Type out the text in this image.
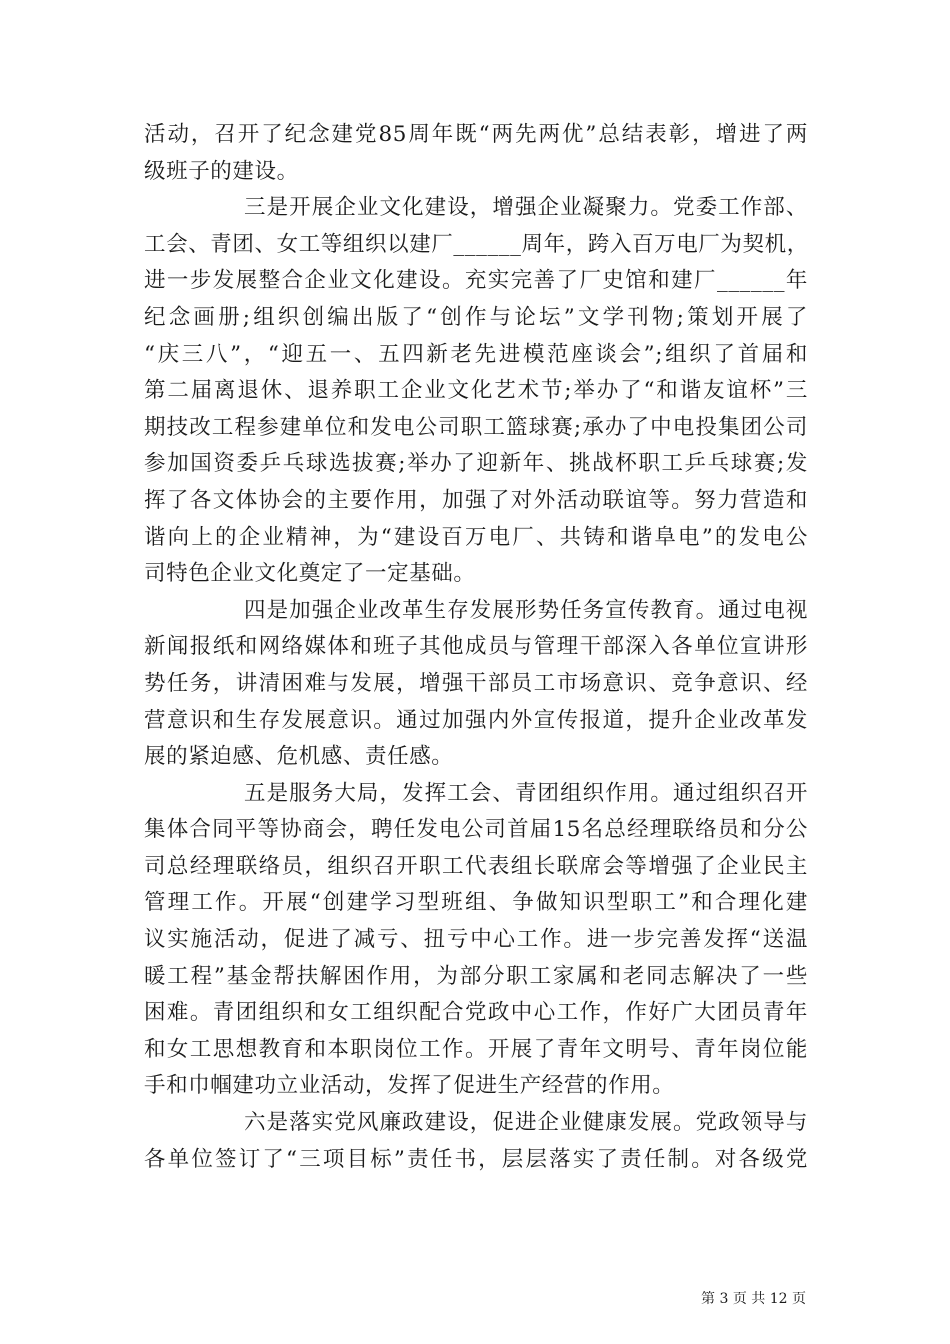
活动，召开了纪念建党85周年既“两先两优”总结表彰，增进了两
级班子的建设。
三是开展企业文化建设，增强企业凝聚力。党委工作部、
工会、青团、女工等组织以建厂______周年，跨入百万电厂为契机，
进一步发展整合企业文化建设。充实完善了厂史馆和建厂______年
纪念画册;组织创编出版了“创作与论坛”文学刊物;策划开展了
“庆三八”，“迎五一、五四新老先进模范座谈会”;组织了首届和
第二届离退休、退养职工企业文化艺术节;举办了“和谐友谊杯”三
期技改工程参建单位和发电公司职工篮球赛;承办了中电投集团公司
参加国资委乒乓球选拔赛;举办了迎新年、挑战杯职工乒乓球赛;发
挥了各文体协会的主要作用，加强了对外活动联谊等。努力营造和
谐向上的企业精神，为“建设百万电厂、共铸和谐阜电”的发电公
司特色企业文化奠定了一定基础。
四是加强企业改革生存发展形势任务宣传教育。通过电视
新闻报纸和网络媒体和班子其他成员与管理干部深入各单位宣讲形
势任务，讲清困难与发展，增强干部员工市场意识、竞争意识、经
营意识和生存发展意识。通过加强内外宣传报道，提升企业改革发
展的紧迫感、危机感、责任感。
五是服务大局，发挥工会、青团组织作用。通过组织召开
集体合同平等协商会，聘任发电公司首届15名总经理联络员和分公
司总经理联络员，组织召开职工代表组长联席会等增强了企业民主
管理工作。开展“创建学习型班组、争做知识型职工”和合理化建
议实施活动，促进了减亏、扭亏中心工作。进一步完善发挥“送温
暖工程”基金帮扶解困作用，为部分职工家属和老同志解决了一些
困难。青团组织和女工组织配合党政中心工作，作好广大团员青年
和女工思想教育和本职岗位工作。开展了青年文明号、青年岗位能
手和巾帼建功立业活动，发挥了促进生产经营的作用。
六是落实党风廉政建设，促进企业健康发展。党政领导与
各单位签订了“三项目标”责任书，层层落实了责任制。对各级党
第 3 页 共 12 页
